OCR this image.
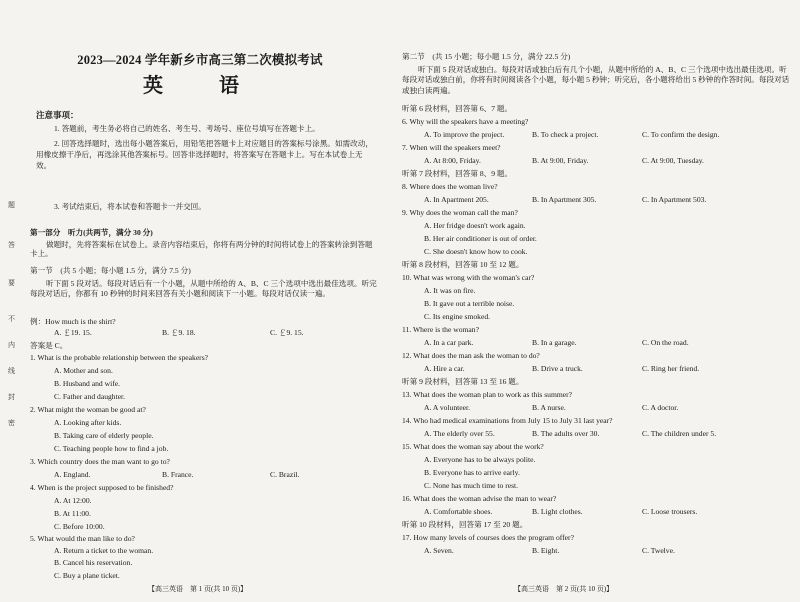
题
答
要
不
内
线
封
密
2023—2024 学年新乡市高三第二次模拟考试
英　语
注意事项：
1. 答题前，考生务必将自己的姓名、考生号、考场号、座位号填写在答题卡上。
2. 回答选择题时，选出每小题答案后，用铅笔把答题卡上对应题目的答案标号涂黑。如需改动，用橡皮擦干净后，再选涂其他答案标号。回答非选择题时，将答案写在答题卡上。写在本试卷上无效。
3. 考试结束后，将本试卷和答题卡一并交回。
第一部分　听力(共两节，满分 30 分)
做题时，先将答案标在试卷上。录音内容结束后，你将有两分钟的时间将试卷上的答案转涂到答题卡上。
第一节　(共 5 小题；每小题 1.5 分，满分 7.5 分)
听下面 5 段对话。每段对话后有一个小题，从题中所给的 A、B、C 三个选项中选出最佳选项。听完每段对话后，你都有 10 秒钟的时间来回答有关小题和阅读下一小题。每段对话仅读一遍。
例：How much is the shirt?
A. ￡19. 15.	B. ￡9. 18.	C. ￡9. 15.
答案是 C。
1. What is the probable relationship between the speakers?
A. Mother and son.
B. Husband and wife.
C. Father and daughter.
2. What might the woman be good at?
A. Looking after kids.
B. Taking care of elderly people.
C. Teaching people how to find a job.
3. Which country does the man want to go to?
A. England.	B. France.	C. Brazil.
4. When is the project supposed to be finished?
A. At 12:00.
B. At 11:00.
C. Before 10:00.
5. What would the man like to do?
A. Return a ticket to the woman.
B. Cancel his reservation.
C. Buy a plane ticket.
【高三英语　第 1 页(共 10 页)】
第二节　(共 15 小题；每小题 1.5 分，满分 22.5 分)
听下面 5 段对话或独白。每段对话或独白后有几个小题，从题中所给的 A、B、C 三个选项中选出最佳选项。听每段对话或独白前，你将有时间阅读各个小题，每小题 5 秒钟；听完后，各小题将给出 5 秒钟的作答时间。每段对话或独白读两遍。
听第 6 段材料，回答第 6、7 题。
6. Why will the speakers have a meeting?
A. To improve the project.	B. To check a project.	C. To confirm the design.
7. When will the speakers meet?
A. At 8:00, Friday.	B. At 9:00, Friday.	C. At 9:00, Tuesday.
听第 7 段材料，回答第 8、9 题。
8. Where does the woman live?
A. In Apartment 205.	B. In Apartment 305.	C. In Apartment 503.
9. Why does the woman call the man?
A. Her fridge doesn't work again.
B. Her air conditioner is out of order.
C. She doesn't know how to cook.
听第 8 段材料，回答第 10 至 12 题。
10. What was wrong with the woman's car?
A. It was on fire.
B. It gave out a terrible noise.
C. Its engine smoked.
11. Where is the woman?
A. In a car park.	B. In a garage.	C. On the road.
12. What does the man ask the woman to do?
A. Hire a car.	B. Drive a truck.	C. Ring her friend.
听第 9 段材料，回答第 13 至 16 题。
13. What does the woman plan to work as this summer?
A. A volunteer.	B. A nurse.	C. A doctor.
14. Who had medical examinations from July 15 to July 31 last year?
A. The elderly over 55.	B. The adults over 30.	C. The children under 5.
15. What does the woman say about the work?
A. Everyone has to be always polite.
B. Everyone has to arrive early.
C. None has much time to rest.
16. What does the woman advise the man to wear?
A. Comfortable shoes.	B. Light clothes.	C. Loose trousers.
听第 10 段材料，回答第 17 至 20 题。
17. How many levels of courses does the program offer?
A. Seven.	B. Eight.	C. Twelve.
【高三英语　第 2 页(共 10 页)】
